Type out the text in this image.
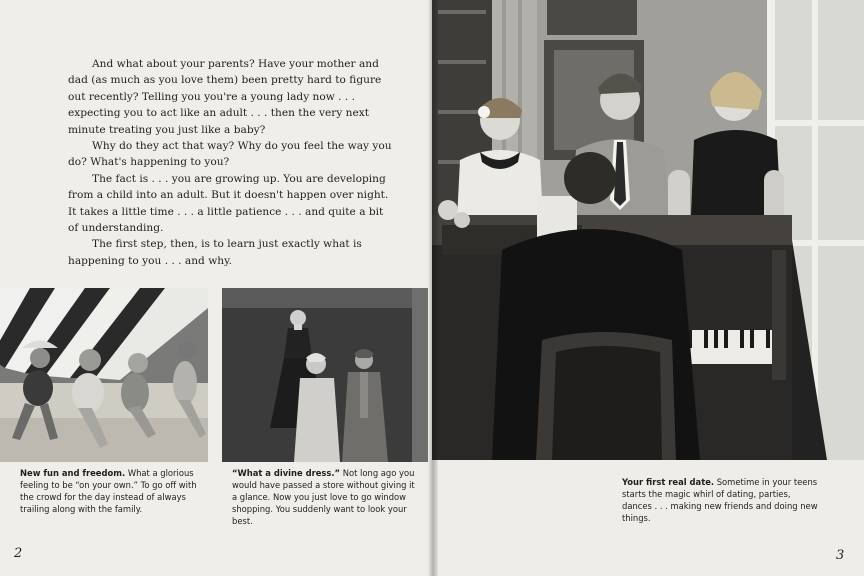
And what about your parents? Have your mother and dad (as much as you love them) been pretty hard to figure out recently? Telling you you're a young lady now . . . expecting you to act like an adult . . . then the very next minute treating you just like a baby?

Why do they act that way? Why do you feel the way you do? What's happening to you?

The fact is . . . you are growing up. You are developing from a child into an adult. But it doesn't happen over night. It takes a little time . . . a little patience . . . and quite a bit of understanding.

The first step, then, is to learn just exactly what is happening to you . . . and why.

New fun and freedom. What a glorious feeling to be “on your own.” To go off with the crowd for the day instead of always trailing along with the family.
“What a divine dress.” Not long ago you would have passed a store without giving it a glance. Now you just love to go window shopping. You suddenly want to look your best.
2
Your first real date. Sometime in your teens starts the magic whirl of dating, parties, dances . . . making new friends and doing new things.
3
